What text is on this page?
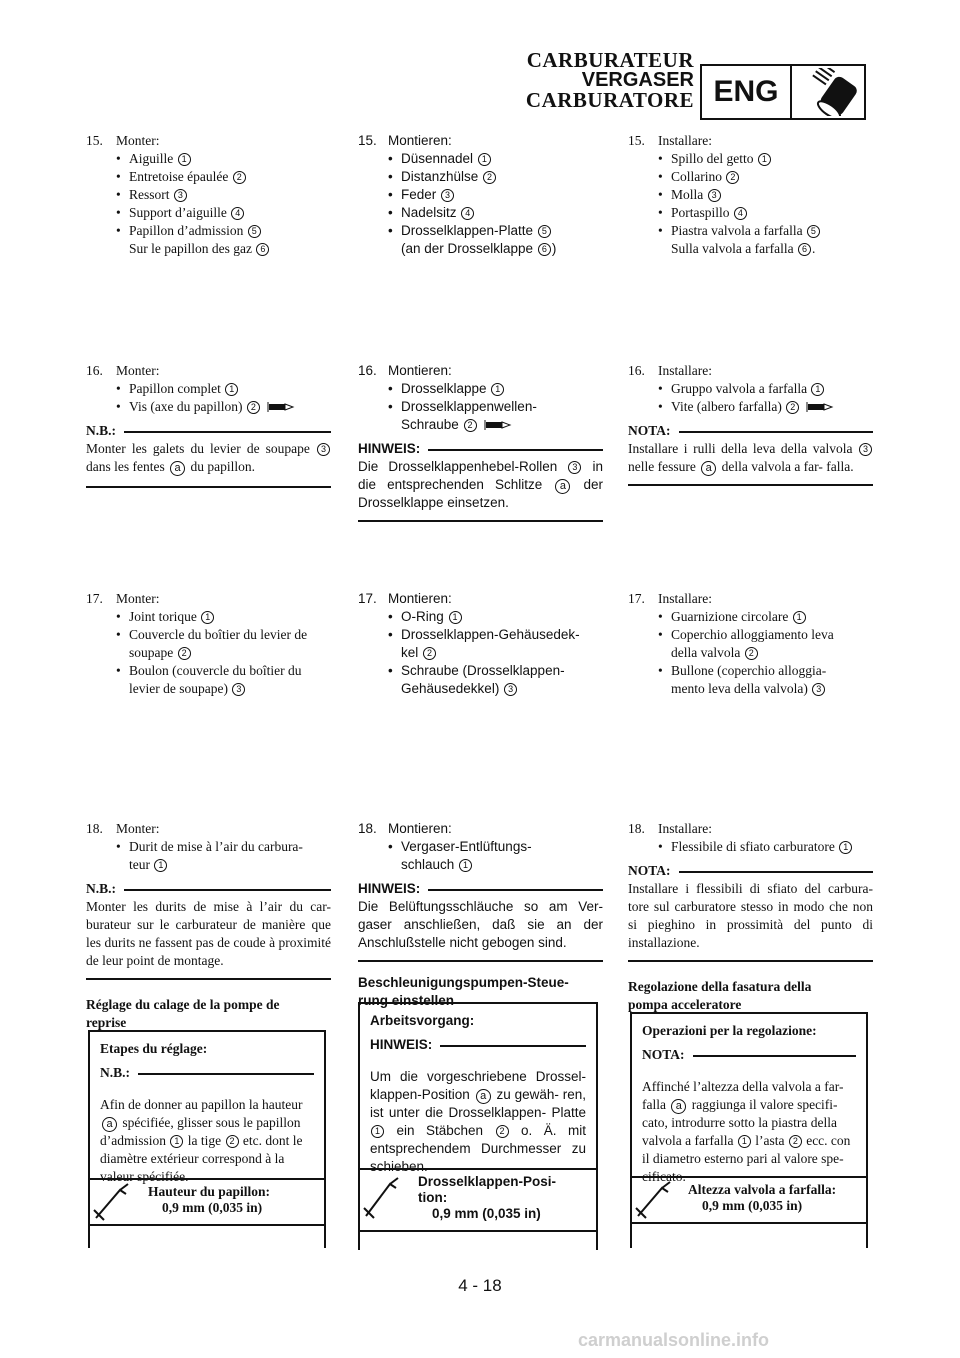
CARBURATEUR
VERGASER
CARBURATORE ENG
15. Monter:
• Aiguille 1
• Entretoise épaulée 2
• Ressort 3
• Support d’aiguille 4
• Papillon d’admission 5
Sur le papillon des gaz 6
16. Monter:
• Papillon complet 1
• Vis (axe du papillon) 2
N.B.:

Monter les galets du levier de soupape 3 dans les fentes a du papillon.

17. Monter:
• Joint torique 1
• Couvercle du boîtier du levier de
soupape 2
• Boulon (couvercle du boîtier du
levier de soupape) 3
18. Monter:
• Durit de mise à l’air du carbura-
teur 1
N.B.:

Monter les durits de mise à l’air du car- burateur sur le carburateur de manière que les durits ne fassent pas de coude à proximité de leur point de montage.

Réglage du calage de la pompe de reprise

Etapes du réglage:
N.B.:

Afin de donner au papillon la hauteur a spécifiée, glisser sous le papillon d’admission 1 la tige 2 etc. dont le diamètre extérieur correspond à la valeur spécifiée.

Hauteur du papillon:
0,9 mm (0,035 in)
15. Montieren:
• Düsennadel 1
• Distanzhülse 2
• Feder 3
• Nadelsitz 4
• Drosselklappen-Platte 5
(an der Drosselklappe 6 )
16. Montieren:
• Drosselklappe 1
• Drosselklappenwellen-
Schraube 2
HINWEIS:

Die Drosselklappenhebel-Rollen 3 in die entsprechenden Schlitze a der Drosselklappe einsetzen.

17. Montieren:
• O-Ring 1
• Drosselklappen-Gehäusedek-
kel 2
• Schraube (Drosselklappen-
Gehäusedekkel) 3
18. Montieren:
• Vergaser-Entlüftungs-
schlauch 1
HINWEIS:

Die Belüftungsschläuche so am Ver- gaser anschließen, daß sie an der Anschlußstelle nicht gebogen sind.

Beschleunigungspumpen-Steue- rung einstellen

Arbeitsvorgang:
HINWEIS:

Um die vorgeschriebene Drossel- klappen-Position a zu gewäh- ren, ist unter die Drosselklappen- Platte 1 ein Stäbchen 2 o. Ä. mit entsprechendem Durchmesser zu schieben.

Drosselklappen-Posi- tion:
0,9 mm (0,035 in)
15. Installare:
• Spillo del getto 1
• Collarino 2
• Molla 3
• Portaspillo 4
• Piastra valvola a farfalla 5
Sulla valvola a farfalla 6 .
16. Installare:
• Gruppo valvola a farfalla 1
• Vite (albero farfalla) 2
NOTA:

Installare i rulli della leva della valvola 3 nelle fessure a della valvola a far- falla.

17. Installare:
• Guarnizione circolare 1
• Coperchio alloggiamento leva
della valvola 2
• Bullone (coperchio alloggia-
mento leva della valvola) 3
18. Installare:
• Flessibile di sfiato carburatore 1
NOTA:

Installare i flessibili di sfiato del carbura- tore sul carburatore stesso in modo che non si pieghino in prossimità del punto di installazione.

Regolazione della fasatura della pompa acceleratore

Operazioni per la regolazione:
NOTA:

Affinché l’altezza della valvola a far- falla a raggiunga il valore specifi- cato, introdurre sotto la piastra della valvola a farfalla 1 l’asta 2 ecc. con il diametro esterno pari al valore spe- cificato.

Altezza valvola a farfalla:
0,9 mm (0,035 in)
4 - 18
carmanualsonline.info
